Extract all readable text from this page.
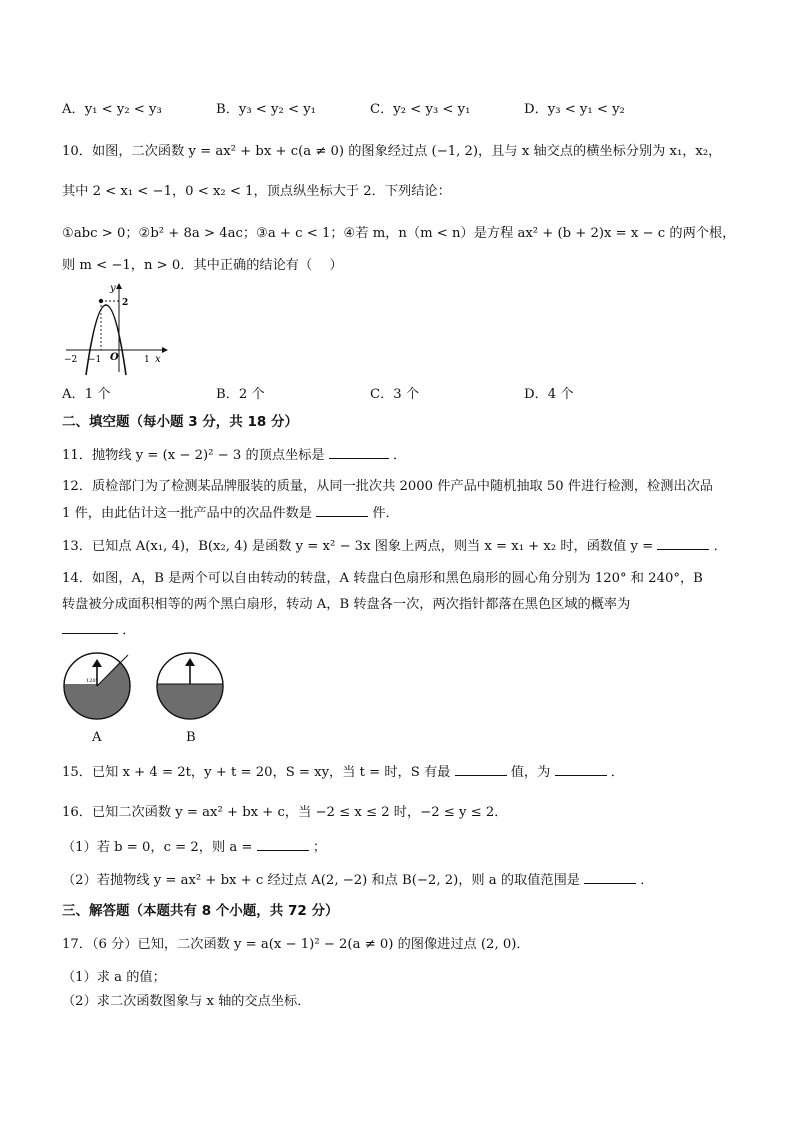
A．y₁ < y₂ < y₃	B．y₃ < y₂ < y₁	C．y₂ < y₃ < y₁	D．y₃ < y₁ < y₂
10．如图，二次函数 y = ax² + bx + c(a ≠ 0) 的图象经过点 (−1, 2)，且与 x 轴交点的横坐标分别为 x₁，x₂，
其中 2 < x₁ < −1，0 < x₂ < 1，顶点纵坐标大于 2．下列结论：
①abc > 0；②b² + 8a > 4ac；③a + c < 1；④若 m，n（m < n）是方程 ax² + (b + 2)x = x − c 的两个根，
则 m < −1，n > 0．其中正确的结论有（　 ）
y
2
O
−2 −1	1 x
A．1 个	B．2 个	C．3 个	D．4 个
二、填空题（每小题 3 分，共 18 分）
11．抛物线 y = (x − 2)² − 3 的顶点坐标是	．
12．质检部门为了检测某品牌服装的质量，从同一批次共 2000 件产品中随机抽取 50 件进行检测，检测出次品
1 件，由此估计这一批产品中的次品件数是	件．
13．已知点 A(x₁, 4)，B(x₂, 4) 是函数 y = x² − 3x 图象上两点，则当 x = x₁ + x₂ 时，函数值 y =	．
14．如图，A，B 是两个可以自由转动的转盘，A 转盘白色扇形和黑色扇形的圆心角分别为 120° 和 240°，B
转盘被分成面积相等的两个黑白扇形，转动 A，B 转盘各一次，两次指针都落在黑色区域的概率为
．
120°
A	B
15．已知 x + 4 = 2t，y + t = 20，S = xy，当 t = 时，S 有最	值，为	．
16．已知二次函数 y = ax² + bx + c，当 −2 ≤ x ≤ 2 时，−2 ≤ y ≤ 2．
（1）若 b = 0，c = 2，则 a =	；
（2）若抛物线 y = ax² + bx + c 经过点 A(2, −2) 和点 B(−2, 2)，则 a 的取值范围是	．
三、解答题（本题共有 8 个小题，共 72 分）
17．（6 分）已知，二次函数 y = a(x − 1)² − 2(a ≠ 0) 的图像进过点 (2, 0)．
（1）求 a 的值；
（2）求二次函数图象与 x 轴的交点坐标．
